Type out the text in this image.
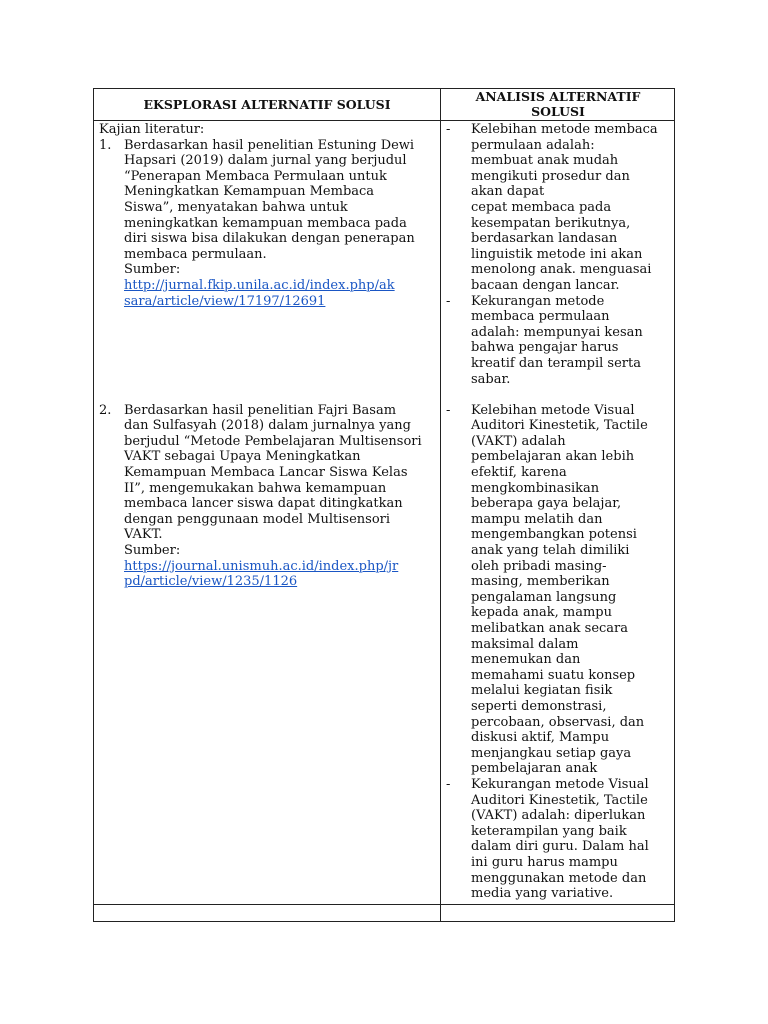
EKSPLORASI ALTERNATIF SOLUSI
ANALISIS ALTERNATIF
SOLUSI
Kajian literatur:
1. Berdasarkan hasil penelitian Estuning Dewi
Hapsari (2019) dalam jurnal yang berjudul
“Penerapan Membaca Permulaan untuk
Meningkatkan Kemampuan Membaca
Siswa”, menyatakan bahwa untuk
meningkatkan kemampuan membaca pada
diri siswa bisa dilakukan dengan penerapan
membaca permulaan.
Sumber:
http://jurnal.fkip.unila.ac.id/index.php/ak
sara/article/view/17197/12691
2. Berdasarkan hasil penelitian Fajri Basam
dan Sulfasyah (2018) dalam jurnalnya yang
berjudul “Metode Pembelajaran Multisensori
VAKT sebagai Upaya Meningkatkan
Kemampuan Membaca Lancar Siswa Kelas
II”, mengemukakan bahwa kemampuan
membaca lancer siswa dapat ditingkatkan
dengan penggunaan model Multisensori
VAKT.
Sumber:
https://journal.unismuh.ac.id/index.php/jr
pd/article/view/1235/1126
- Kelebihan metode membaca
permulaan adalah:
membuat anak mudah
mengikuti prosedur dan
akan dapat
cepat membaca pada
kesempatan berikutnya,
berdasarkan landasan
linguistik metode ini akan
menolong anak. menguasai
bacaan dengan lancar.
- Kekurangan metode
membaca permulaan
adalah: mempunyai kesan
bahwa pengajar harus
kreatif dan terampil serta
sabar.
- Kelebihan metode Visual
Auditori Kinestetik, Tactile
(VAKT) adalah
pembelajaran akan lebih
efektif, karena
mengkombinasikan
beberapa gaya belajar,
mampu melatih dan
mengembangkan potensi
anak yang telah dimiliki
oleh pribadi masing-
masing, memberikan
pengalaman langsung
kepada anak, mampu
melibatkan anak secara
maksimal dalam
menemukan dan
memahami suatu konsep
melalui kegiatan fisik
seperti demonstrasi,
percobaan, observasi, dan
diskusi aktif, Mampu
menjangkau setiap gaya
pembelajaran anak
- Kekurangan metode Visual
Auditori Kinestetik, Tactile
(VAKT) adalah: diperlukan
keterampilan yang baik
dalam diri guru. Dalam hal
ini guru harus mampu
menggunakan metode dan
media yang variative.
